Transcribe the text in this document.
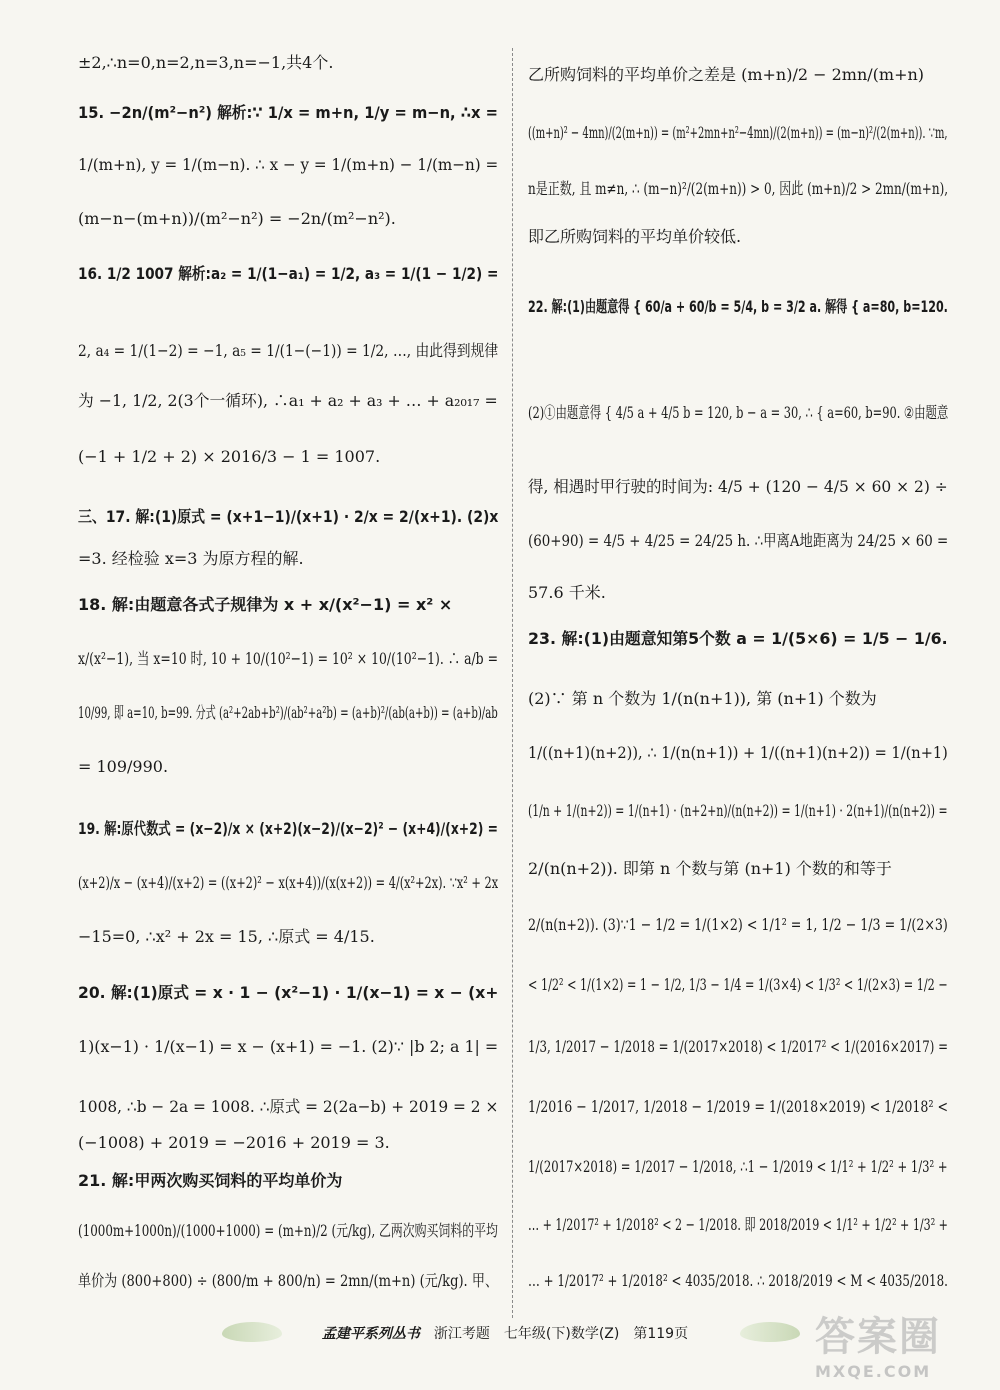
±2,∴n=0,n=2,n=3,n=−1,共4个.
15. −2n/(m²−n²) 解析:∵ 1/x = m+n, 1/y = m−n, ∴x =
1/(m+n), y = 1/(m−n). ∴ x − y = 1/(m+n) − 1/(m−n) =
(m−n−(m+n))/(m²−n²) = −2n/(m²−n²).
16. 1/2 1007 解析:a₂ = 1/(1−a₁) = 1/2, a₃ = 1/(1 − 1/2) =
2, a₄ = 1/(1−2) = −1, a₅ = 1/(1−(−1)) = 1/2, …, 由此得到规律
为 −1, 1/2, 2(3个一循环), ∴a₁ + a₂ + a₃ + … + a₂₀₁₇ =
(−1 + 1/2 + 2) × 2016/3 − 1 = 1007.
三、17. 解:(1)原式 = (x+1−1)/(x+1) · 2/x = 2/(x+1). (2)x
=3. 经检验 x=3 为原方程的解.
18. 解:由题意各式子规律为 x + x/(x²−1) = x² ×
x/(x²−1), 当 x=10 时, 10 + 10/(10²−1) = 10² × 10/(10²−1). ∴ a/b =
10/99, 即 a=10, b=99. 分式 (a²+2ab+b²)/(ab²+a²b) = (a+b)²/(ab(a+b)) = (a+b)/ab
= 109/990.
19. 解:原代数式 = (x−2)/x × (x+2)(x−2)/(x−2)² − (x+4)/(x+2) =
(x+2)/x − (x+4)/(x+2) = ((x+2)² − x(x+4))/(x(x+2)) = 4/(x²+2x). ∵x² + 2x
−15=0, ∴x² + 2x = 15, ∴原式 = 4/15.
20. 解:(1)原式 = x · 1 − (x²−1) · 1/(x−1) = x − (x+
1)(x−1) · 1/(x−1) = x − (x+1) = −1. (2)∵ |b 2; a 1| =
1008, ∴b − 2a = 1008. ∴原式 = 2(2a−b) + 2019 = 2 ×
(−1008) + 2019 = −2016 + 2019 = 3.
21. 解:甲两次购买饲料的平均单价为
(1000m+1000n)/(1000+1000) = (m+n)/2 (元/kg), 乙两次购买饲料的平均
单价为 (800+800) ÷ (800/m + 800/n) = 2mn/(m+n) (元/kg). 甲、
乙所购饲料的平均单价之差是 (m+n)/2 − 2mn/(m+n)
((m+n)² − 4mn)/(2(m+n)) = (m²+2mn+n²−4mn)/(2(m+n)) = (m−n)²/(2(m+n)). ∵m,
n是正数, 且 m≠n, ∴ (m−n)²/(2(m+n)) > 0, 因此 (m+n)/2 > 2mn/(m+n),
即乙所购饲料的平均单价较低.
22. 解:(1)由题意得 { 60/a + 60/b = 5/4, b = 3/2 a. 解得 { a=80, b=120.
(2)①由题意得 { 4/5 a + 4/5 b = 120, b − a = 30, ∴ { a=60, b=90. ②由题意
得, 相遇时甲行驶的时间为: 4/5 + (120 − 4/5 × 60 × 2) ÷
(60+90) = 4/5 + 4/25 = 24/25 h. ∴甲离A地距离为 24/25 × 60 =
57.6 千米.
23. 解:(1)由题意知第5个数 a = 1/(5×6) = 1/5 − 1/6.
(2)∵ 第 n 个数为 1/(n(n+1)), 第 (n+1) 个数为
1/((n+1)(n+2)), ∴ 1/(n(n+1)) + 1/((n+1)(n+2)) = 1/(n+1)
(1/n + 1/(n+2)) = 1/(n+1) · (n+2+n)/(n(n+2)) = 1/(n+1) · 2(n+1)/(n(n+2)) =
2/(n(n+2)). 即第 n 个数与第 (n+1) 个数的和等于
2/(n(n+2)). (3)∵1 − 1/2 = 1/(1×2) < 1/1² = 1, 1/2 − 1/3 = 1/(2×3)
< 1/2² < 1/(1×2) = 1 − 1/2, 1/3 − 1/4 = 1/(3×4) < 1/3² < 1/(2×3) = 1/2 −
1/3, 1/2017 − 1/2018 = 1/(2017×2018) < 1/2017² < 1/(2016×2017) =
1/2016 − 1/2017, 1/2018 − 1/2019 = 1/(2018×2019) < 1/2018² <
1/(2017×2018) = 1/2017 − 1/2018, ∴1 − 1/2019 < 1/1² + 1/2² + 1/3² +
… + 1/2017² + 1/2018² < 2 − 1/2018. 即 2018/2019 < 1/1² + 1/2² + 1/3² +
… + 1/2017² + 1/2018² < 4035/2018. ∴ 2018/2019 < M < 4035/2018.
孟建平系列丛书 浙江考题 七年级(下)数学(Z) 第119页	答案圈
MXQE.COM
